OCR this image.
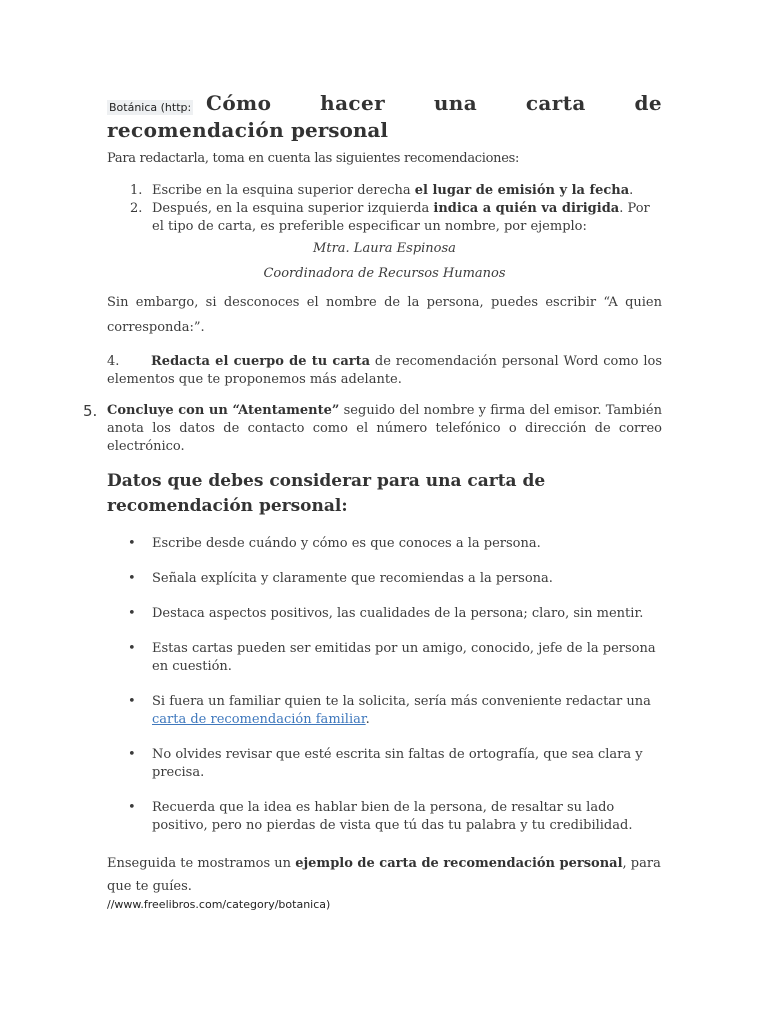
Botánica (http: Cómo hacer una carta de recomendación personal

Para redactarla, toma en cuenta las siguientes recomendaciones:

1. Escribe en la esquina superior derecha el lugar de emisión y la fecha.
2. Después, en la esquina superior izquierda indica a quién va dirigida. Por el tipo de carta, es preferible especificar un nombre, por ejemplo:

Mtra. Laura Espinosa

Coordinadora de Recursos Humanos

Sin embargo, si desconoces el nombre de la persona, puedes escribir “A quien corresponda:”.

4. Redacta el cuerpo de tu carta de recomendación personal Word como los elementos que te proponemos más adelante.

5. Concluye con un “Atentamente” seguido del nombre y firma del emisor. También anota los datos de contacto como el número telefónico o dirección de correo electrónico.

Datos que debes considerar para una carta de recomendación personal:
• Escribe desde cuándo y cómo es que conoces a la persona.
• Señala explícita y claramente que recomiendas a la persona.
• Destaca aspectos positivos, las cualidades de la persona; claro, sin mentir.
• Estas cartas pueden ser emitidas por un amigo, conocido, jefe de la persona en cuestión.
• Si fuera un familiar quien te la solicita, sería más conveniente redactar una carta de recomendación familiar.
• No olvides revisar que esté escrita sin faltas de ortografía, que sea clara y precisa.
• Recuerda que la idea es hablar bien de la persona, de resaltar su lado positivo, pero no pierdas de vista que tú das tu palabra y tu credibilidad.

Enseguida te mostramos un ejemplo de carta de recomendación personal, para que te guíes.

//www.freelibros.com/category/botanica)
